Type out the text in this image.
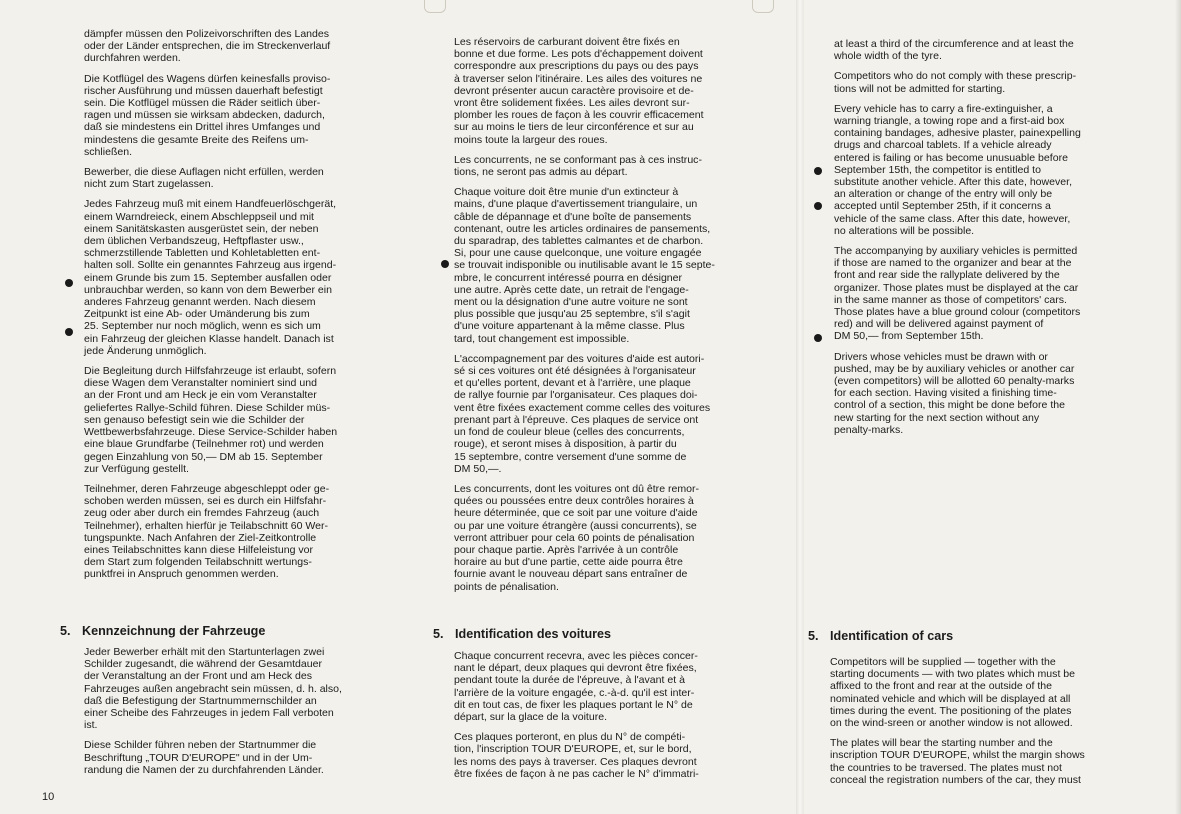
dämpfer müssen den Polizeivorschriften des Landes
oder der Länder entsprechen, die im Streckenverlauf
durchfahren werden.

Die Kotflügel des Wagens dürfen keinesfalls proviso-
rischer Ausführung und müssen dauerhaft befestigt
sein. Die Kotflügel müssen die Räder seitlich über-
ragen und müssen sie wirksam abdecken, dadurch,
daß sie mindestens ein Drittel ihres Umfanges und
mindestens die gesamte Breite des Reifens um-
schließen.

Bewerber, die diese Auflagen nicht erfüllen, werden
nicht zum Start zugelassen.

Jedes Fahrzeug muß mit einem Handfeuerlöschgerät,
einem Warndreieck, einem Abschleppseil und mit
einem Sanitätskasten ausgerüstet sein, der neben
dem üblichen Verbandszeug, Heftpflaster usw.,
schmerzstillende Tabletten und Kohletabletten ent-
halten soll. Sollte ein genanntes Fahrzeug aus irgend-
einem Grunde bis zum 15. September ausfallen oder
unbrauchbar werden, so kann von dem Bewerber ein
anderes Fahrzeug genannt werden. Nach diesem
Zeitpunkt ist eine Ab- oder Umänderung bis zum
25. September nur noch möglich, wenn es sich um
ein Fahrzeug der gleichen Klasse handelt. Danach ist
jede Änderung unmöglich.

Die Begleitung durch Hilfsfahrzeuge ist erlaubt, sofern
diese Wagen dem Veranstalter nominiert sind und
an der Front und am Heck je ein vom Veranstalter
geliefertes Rallye-Schild führen. Diese Schilder müs-
sen genauso befestigt sein wie die Schilder der
Wettbewerbsfahrzeuge. Diese Service-Schilder haben
eine blaue Grundfarbe (Teilnehmer rot) und werden
gegen Einzahlung von 50,— DM ab 15. September
zur Verfügung gestellt.

Teilnehmer, deren Fahrzeuge abgeschleppt oder ge-
schoben werden müssen, sei es durch ein Hilfsfahr-
zeug oder aber durch ein fremdes Fahrzeug (auch
Teilnehmer), erhalten hierfür je Teilabschnitt 60 Wer-
tungspunkte. Nach Anfahren der Ziel-Zeitkontrolle
eines Teilabschnittes kann diese Hilfeleistung vor
dem Start zum folgenden Teilabschnitt wertungs-
punktfrei in Anspruch genommen werden.

Les réservoirs de carburant doivent être fixés en
bonne et due forme. Les pots d'échappement doivent
correspondre aux prescriptions du pays ou des pays
à traverser selon l'itinéraire. Les ailes des voitures ne
devront présenter aucun caractère provisoire et de-
vront être solidement fixées. Les ailes devront sur-
plomber les roues de façon à les couvrir efficacement
sur au moins le tiers de leur circonférence et sur au
moins toute la largeur des roues.

Les concurrents, ne se conformant pas à ces instruc-
tions, ne seront pas admis au départ.

Chaque voiture doit être munie d'un extincteur à
mains, d'une plaque d'avertissement triangulaire, un
câble de dépannage et d'une boîte de pansements
contenant, outre les articles ordinaires de pansements,
du sparadrap, des tablettes calmantes et de charbon.
Si, pour une cause quelconque, une voiture engagée
se trouvait indisponible ou inutilisable avant le 15 septe-
mbre, le concurrent intéressé pourra en désigner
une autre. Après cette date, un retrait de l'engage-
ment ou la désignation d'une autre voiture ne sont
plus possible que jusqu'au 25 septembre, s'il s'agit
d'une voiture appartenant à la même classe. Plus
tard, tout changement est impossible.

L'accompagnement par des voitures d'aide est autori-
sé si ces voitures ont été désignées à l'organisateur
et qu'elles portent, devant et à l'arrière, une plaque
de rallye fournie par l'organisateur. Ces plaques doi-
vent être fixées exactement comme celles des voitures
prenant part à l'épreuve. Ces plaques de service ont
un fond de couleur bleue (celles des concurrents,
rouge), et seront mises à disposition, à partir du
15 septembre, contre versement d'une somme de
DM 50,—.

Les concurrents, dont les voitures ont dû être remor-
quées ou poussées entre deux contrôles horaires à
heure déterminée, que ce soit par une voiture d'aide
ou par une voiture étrangère (aussi concurrents), se
verront attribuer pour cela 60 points de pénalisation
pour chaque partie. Après l'arrivée à un contrôle
horaire au but d'une partie, cette aide pourra être
fournie avant le nouveau départ sans entraîner de
points de pénalisation.

at least a third of the circumference and at least the
whole width of the tyre.

Competitors who do not comply with these prescrip-
tions will not be admitted for starting.

Every vehicle has to carry a fire-extinguisher, a
warning triangle, a towing rope and a first-aid box
containing bandages, adhesive plaster, painexpelling
drugs and charcoal tablets. If a vehicle already
entered is failing or has become unusuable before
September 15th, the competitor is entitled to
substitute another vehicle. After this date, however,
an alteration or change of the entry will only be
accepted until September 25th, if it concerns a
vehicle of the same class. After this date, however,
no alterations will be possible.

The accompanying by auxiliary vehicles is permitted
if those are named to the organizer and bear at the
front and rear side the rallyplate delivered by the
organizer. Those plates must be displayed at the car
in the same manner as those of competitors' cars.
Those plates have a blue ground colour (competitors
red) and will be delivered against payment of
DM 50,— from September 15th.

Drivers whose vehicles must be drawn with or
pushed, may be by auxiliary vehicles or another car
(even competitors) will be allotted 60 penalty-marks
for each section. Having visited a finishing time-
control of a section, this might be done before the
new starting for the next section without any
penalty-marks.

5. Kennzeichnung der Fahrzeuge	5. Identification des voitures	5. Identification of cars

Jeder Bewerber erhält mit den Startunterlagen zwei
Schilder zugesandt, die während der Gesamtdauer
der Veranstaltung an der Front und am Heck des
Fahrzeuges außen angebracht sein müssen, d. h. also,
daß die Befestigung der Startnummernschilder an
einer Scheibe des Fahrzeuges in jedem Fall verboten
ist.

Diese Schilder führen neben der Startnummer die
Beschriftung „TOUR D'EUROPE" und in der Um-
randung die Namen der zu durchfahrenden Länder.

Chaque concurrent recevra, avec les pièces concer-
nant le départ, deux plaques qui devront être fixées,
pendant toute la durée de l'épreuve, à l'avant et à
l'arrière de la voiture engagée, c.-à-d. qu'il est inter-
dit en tout cas, de fixer les plaques portant le N° de
départ, sur la glace de la voiture.

Ces plaques porteront, en plus du N° de compéti-
tion, l'inscription TOUR D'EUROPE, et, sur le bord,
les noms des pays à traverser. Ces plaques devront
être fixées de façon à ne pas cacher le N° d'immatri-

Competitors will be supplied — together with the
starting documents — with two plates which must be
affixed to the front and rear at the outside of the
nominated vehicle and which will be displayed at all
times during the event. The positioning of the plates
on the wind-sreen or another window is not allowed.

The plates will bear the starting number and the
inscription TOUR D'EUROPE, whilst the margin shows
the countries to be traversed. The plates must not
conceal the registration numbers of the car, they must

10
